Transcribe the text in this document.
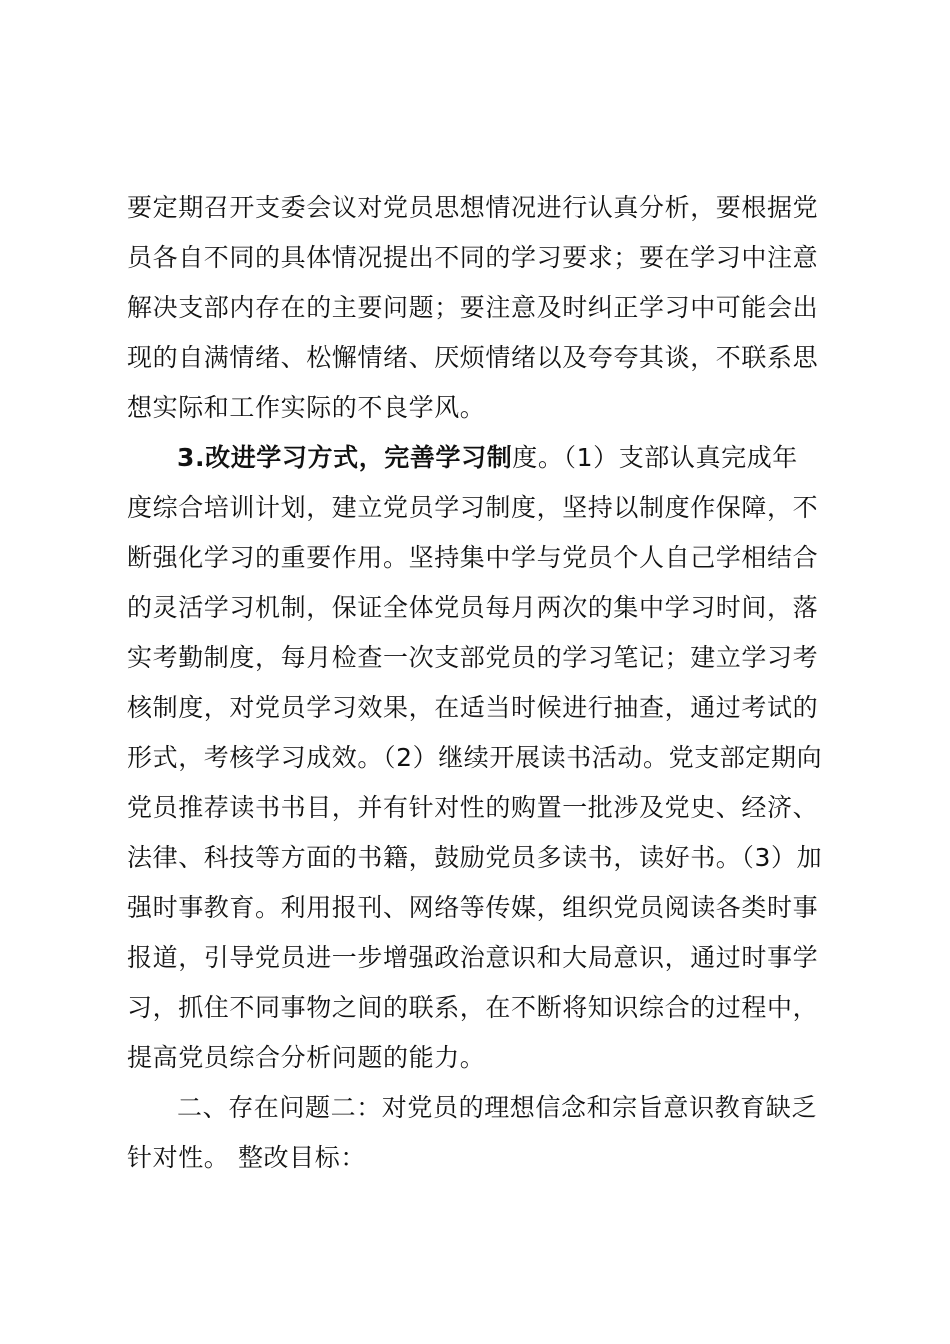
要定期召开支委会议对党员思想情况进行认真分析，要根据党
员各自不同的具体情况提出不同的学习要求；要在学习中注意
解决支部内存在的主要问题；要注意及时纠正学习中可能会出
现的自满情绪、松懈情绪、厌烦情绪以及夸夸其谈，不联系思
想实际和工作实际的不良学风。
3.改进学习方式，完善学习制度。（1）支部认真完成年
度综合培训计划，建立党员学习制度，坚持以制度作保障，不
断强化学习的重要作用。坚持集中学与党员个人自己学相结合
的灵活学习机制，保证全体党员每月两次的集中学习时间，落
实考勤制度，每月检查一次支部党员的学习笔记；建立学习考
核制度，对党员学习效果，在适当时候进行抽查，通过考试的
形式，考核学习成效。（2）继续开展读书活动。党支部定期向
党员推荐读书书目，并有针对性的购置一批涉及党史、经济、
法律、科技等方面的书籍，鼓励党员多读书，读好书。（3）加
强时事教育。利用报刊、网络等传媒，组织党员阅读各类时事
报道，引导党员进一步增强政治意识和大局意识，通过时事学
习，抓住不同事物之间的联系，在不断将知识综合的过程中，
提高党员综合分析问题的能力。
二、存在问题二：对党员的理想信念和宗旨意识教育缺乏
针对性。 整改目标：
